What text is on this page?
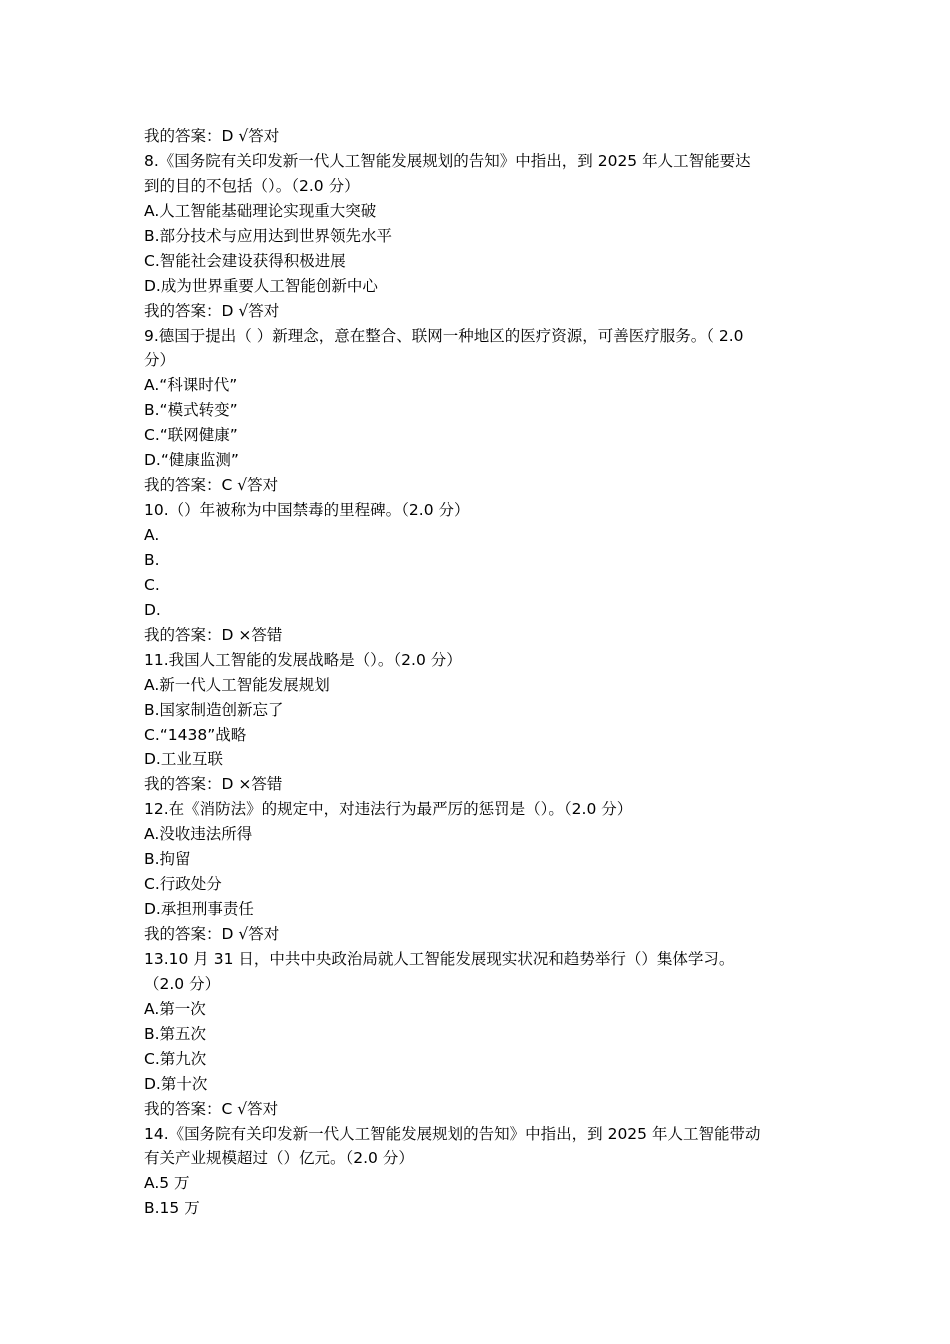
我的答案：D √答对
8.《国务院有关印发新一代人工智能发展规划的告知》中指出，到 2025 年人工智能要达
到的目的不包括（）。（2.0 分）
A.人工智能基础理论实现重大突破
B.部分技术与应用达到世界领先水平
C.智能社会建设获得积极进展
D.成为世界重要人工智能创新中心
我的答案：D √答对
9.德国于提出（ ）新理念，意在整合、联网一种地区的医疗资源，可善医疗服务。（ 2.0
分）
A.“科课时代”
B.“模式转变”
C.“联网健康”
D.“健康监测”
我的答案：C √答对
10.（）年被称为中国禁毒的里程碑。（2.0 分）
A.
B.
C.
D.
我的答案：D ×答错
11.我国人工智能的发展战略是（）。（2.0 分）
A.新一代人工智能发展规划
B.国家制造创新忘了
C.“1438”战略
D.工业互联
我的答案：D ×答错
12.在《消防法》的规定中，对违法行为最严厉的惩罚是（）。（2.0 分）
A.没收违法所得
B.拘留
C.行政处分
D.承担刑事责任
我的答案：D √答对
13.10 月 31 日，中共中央政治局就人工智能发展现实状况和趋势举行（）集体学习。
（2.0 分）
A.第一次
B.第五次
C.第九次
D.第十次
我的答案：C √答对
14.《国务院有关印发新一代人工智能发展规划的告知》中指出，到 2025 年人工智能带动
有关产业规模超过（）亿元。（2.0 分）
A.5 万
B.15 万
